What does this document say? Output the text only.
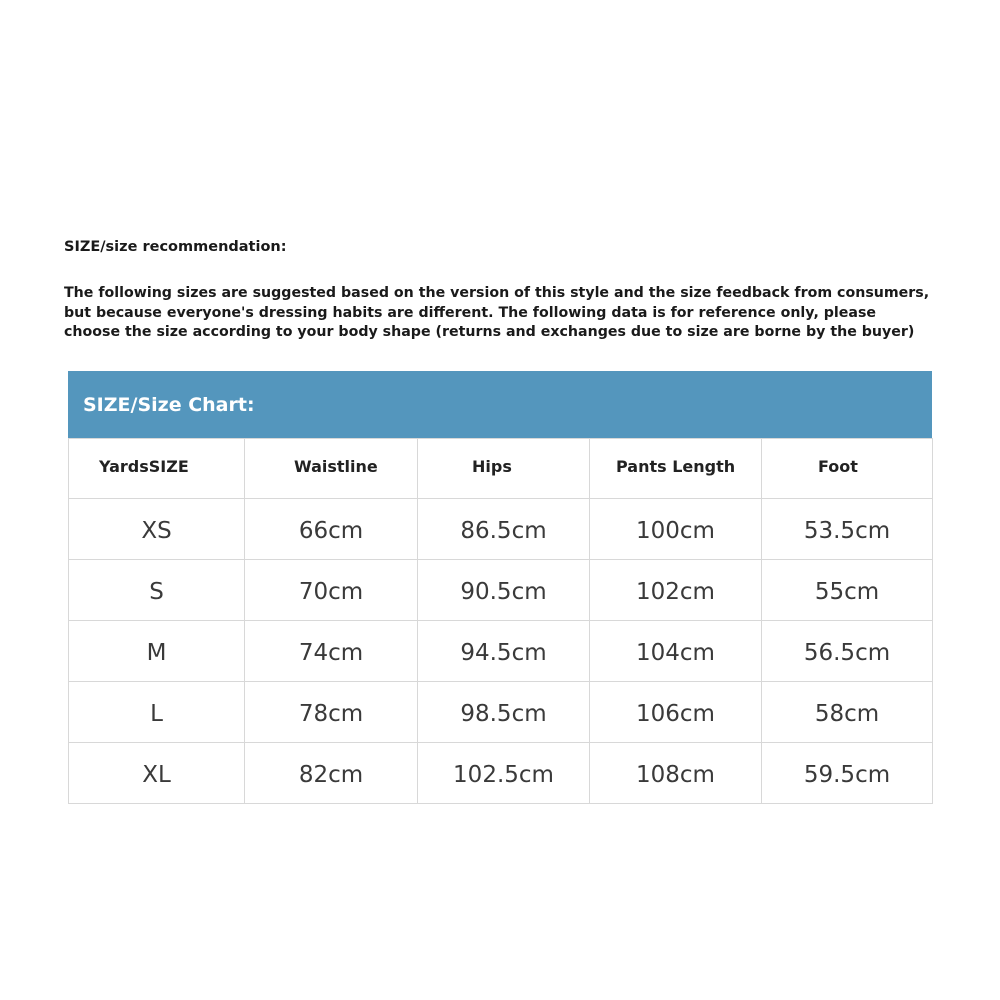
SIZE/size recommendation:
The following sizes are suggested based on the version of this style and the size feedback from consumers,
but because everyone's dressing habits are different. The following data is for reference only, please
choose the size according to your body shape (returns and exchanges due to size are borne by the buyer)
SIZE/Size Chart:
YardsSIZE	Waistline	Hips	Pants Length	Foot
XS	66cm	86.5cm	100cm	53.5cm
S	70cm	90.5cm	102cm	55cm
M	74cm	94.5cm	104cm	56.5cm
L	78cm	98.5cm	106cm	58cm
XL	82cm	102.5cm	108cm	59.5cm
